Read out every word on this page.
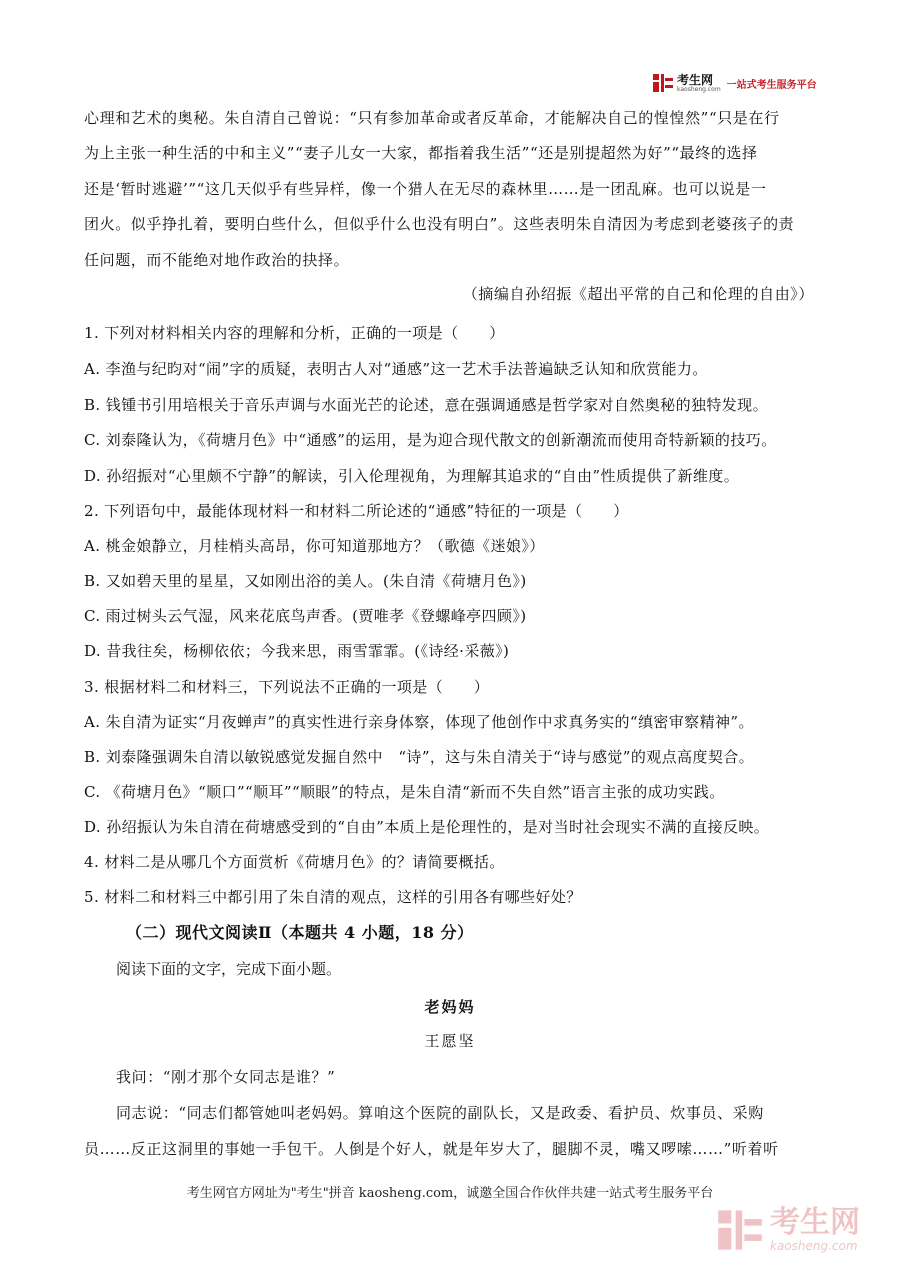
考生网
kaosheng.com 一站式考生服务平台
心理和艺术的奥秘。朱自清自己曾说：“只有参加革命或者反革命，才能解决自己的惶惶然”“只是在行
为上主张一种生活的中和主义”“妻子儿女一大家，都指着我生活”“还是别提超然为好”“最终的选择
还是‘暂时逃避’”“这几天似乎有些异样，像一个猎人在无尽的森林里……是一团乱麻。也可以说是一
团火。似乎挣扎着，要明白些什么，但似乎什么也没有明白”。这些表明朱自清因为考虑到老婆孩子的责
任问题，而不能绝对地作政治的抉择。
（摘编自孙绍振《超出平常的自己和伦理的自由》）
1. 下列对材料相关内容的理解和分析，正确的一项是（　　）
A. 李渔与纪昀对“闹”字的质疑，表明古人对“通感”这一艺术手法普遍缺乏认知和欣赏能力。
B. 钱锺书引用培根关于音乐声调与水面光芒的论述，意在强调通感是哲学家对自然奥秘的独特发现。
C. 刘泰隆认为，《荷塘月色》中“通感”的运用，是为迎合现代散文的创新潮流而使用奇特新颖的技巧。
D. 孙绍振对“心里颇不宁静”的解读，引入伦理视角，为理解其追求的“自由”性质提供了新维度。
2. 下列语句中，最能体现材料一和材料二所论述的“通感”特征的一项是（　　）
A. 桃金娘静立，月桂梢头高昂，你可知道那地方？（歌德《迷娘》）
B. 又如碧天里的星星，又如刚出浴的美人。(朱自清《荷塘月色》)
C. 雨过树头云气湿，风来花底鸟声香。(贾唯孝《登螺峰亭四顾》)
D. 昔我往矣，杨柳依依；今我来思，雨雪霏霏。(《诗经·采薇》)
3. 根据材料二和材料三，下列说法不正确的一项是（　　）
A. 朱自清为证实“月夜蝉声”的真实性进行亲身体察，体现了他创作中求真务实的“缜密审察精神”。
B. 刘泰隆强调朱自清以敏锐感觉发掘自然中　“诗”，这与朱自清关于“诗与感觉”的观点高度契合。
C. 《荷塘月色》“顺口”“顺耳”“顺眼”的特点，是朱自清“新而不失自然”语言主张的成功实践。
D. 孙绍振认为朱自清在荷塘感受到的“自由”本质上是伦理性的，是对当时社会现实不满的直接反映。
4. 材料二是从哪几个方面赏析《荷塘月色》的？请简要概括。
5. 材料二和材料三中都引用了朱自清的观点，这样的引用各有哪些好处？
（二）现代文阅读Ⅱ（本题共 4 小题，18 分）
阅读下面的文字，完成下面小题。
老妈妈
王愿坚
我问：“刚才那个女同志是谁？”
同志说：“同志们都管她叫老妈妈。算咱这个医院的副队长，又是政委、看护员、炊事员、采购
员……反正这洞里的事她一手包干。人倒是个好人，就是年岁大了，腿脚不灵，嘴又啰嗦……”听着听
考生网官方网址为"考生"拼音 kaosheng.com，诚邀全国合作伙伴共建一站式考生服务平台
考生网
kaosheng.com
